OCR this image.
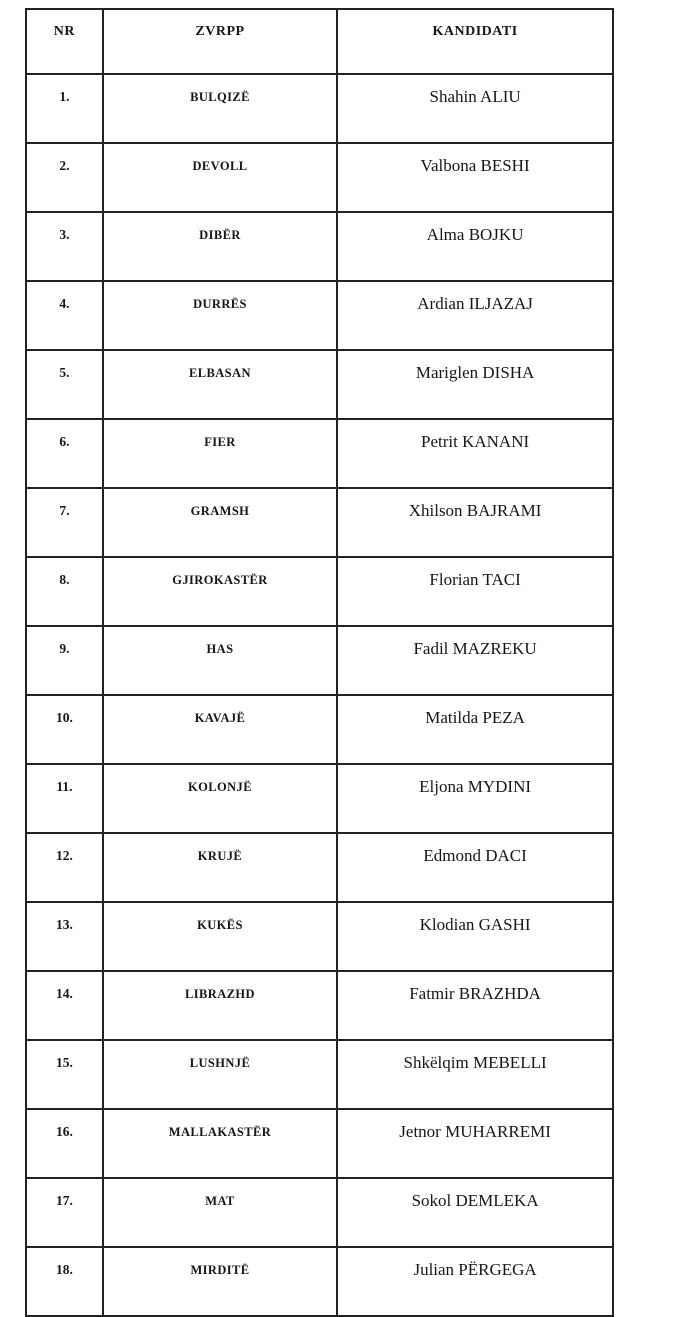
NR	ZVRPP	KANDIDATI
1.	BULQIZË	Shahin ALIU
2.	DEVOLL	Valbona BESHI
3.	DIBËR	Alma BOJKU
4.	DURRËS	Ardian ILJAZAJ
5.	ELBASAN	Mariglen DISHA
6.	FIER	Petrit KANANI
7.	GRAMSH	Xhilson BAJRAMI
8.	GJIROKASTËR	Florian TACI
9.	HAS	Fadil MAZREKU
10.	KAVAJË	Matilda PEZA
11.	KOLONJË	Eljona MYDINI
12.	KRUJË	Edmond DACI
13.	KUKËS	Klodian GASHI
14.	LIBRAZHD	Fatmir BRAZHDA
15.	LUSHNJË	Shkëlqim MEBELLI
16.	MALLAKASTËR	Jetnor MUHARREMI
17.	MAT	Sokol DEMLEKA
18.	MIRDITË	Julian PËRGEGA
